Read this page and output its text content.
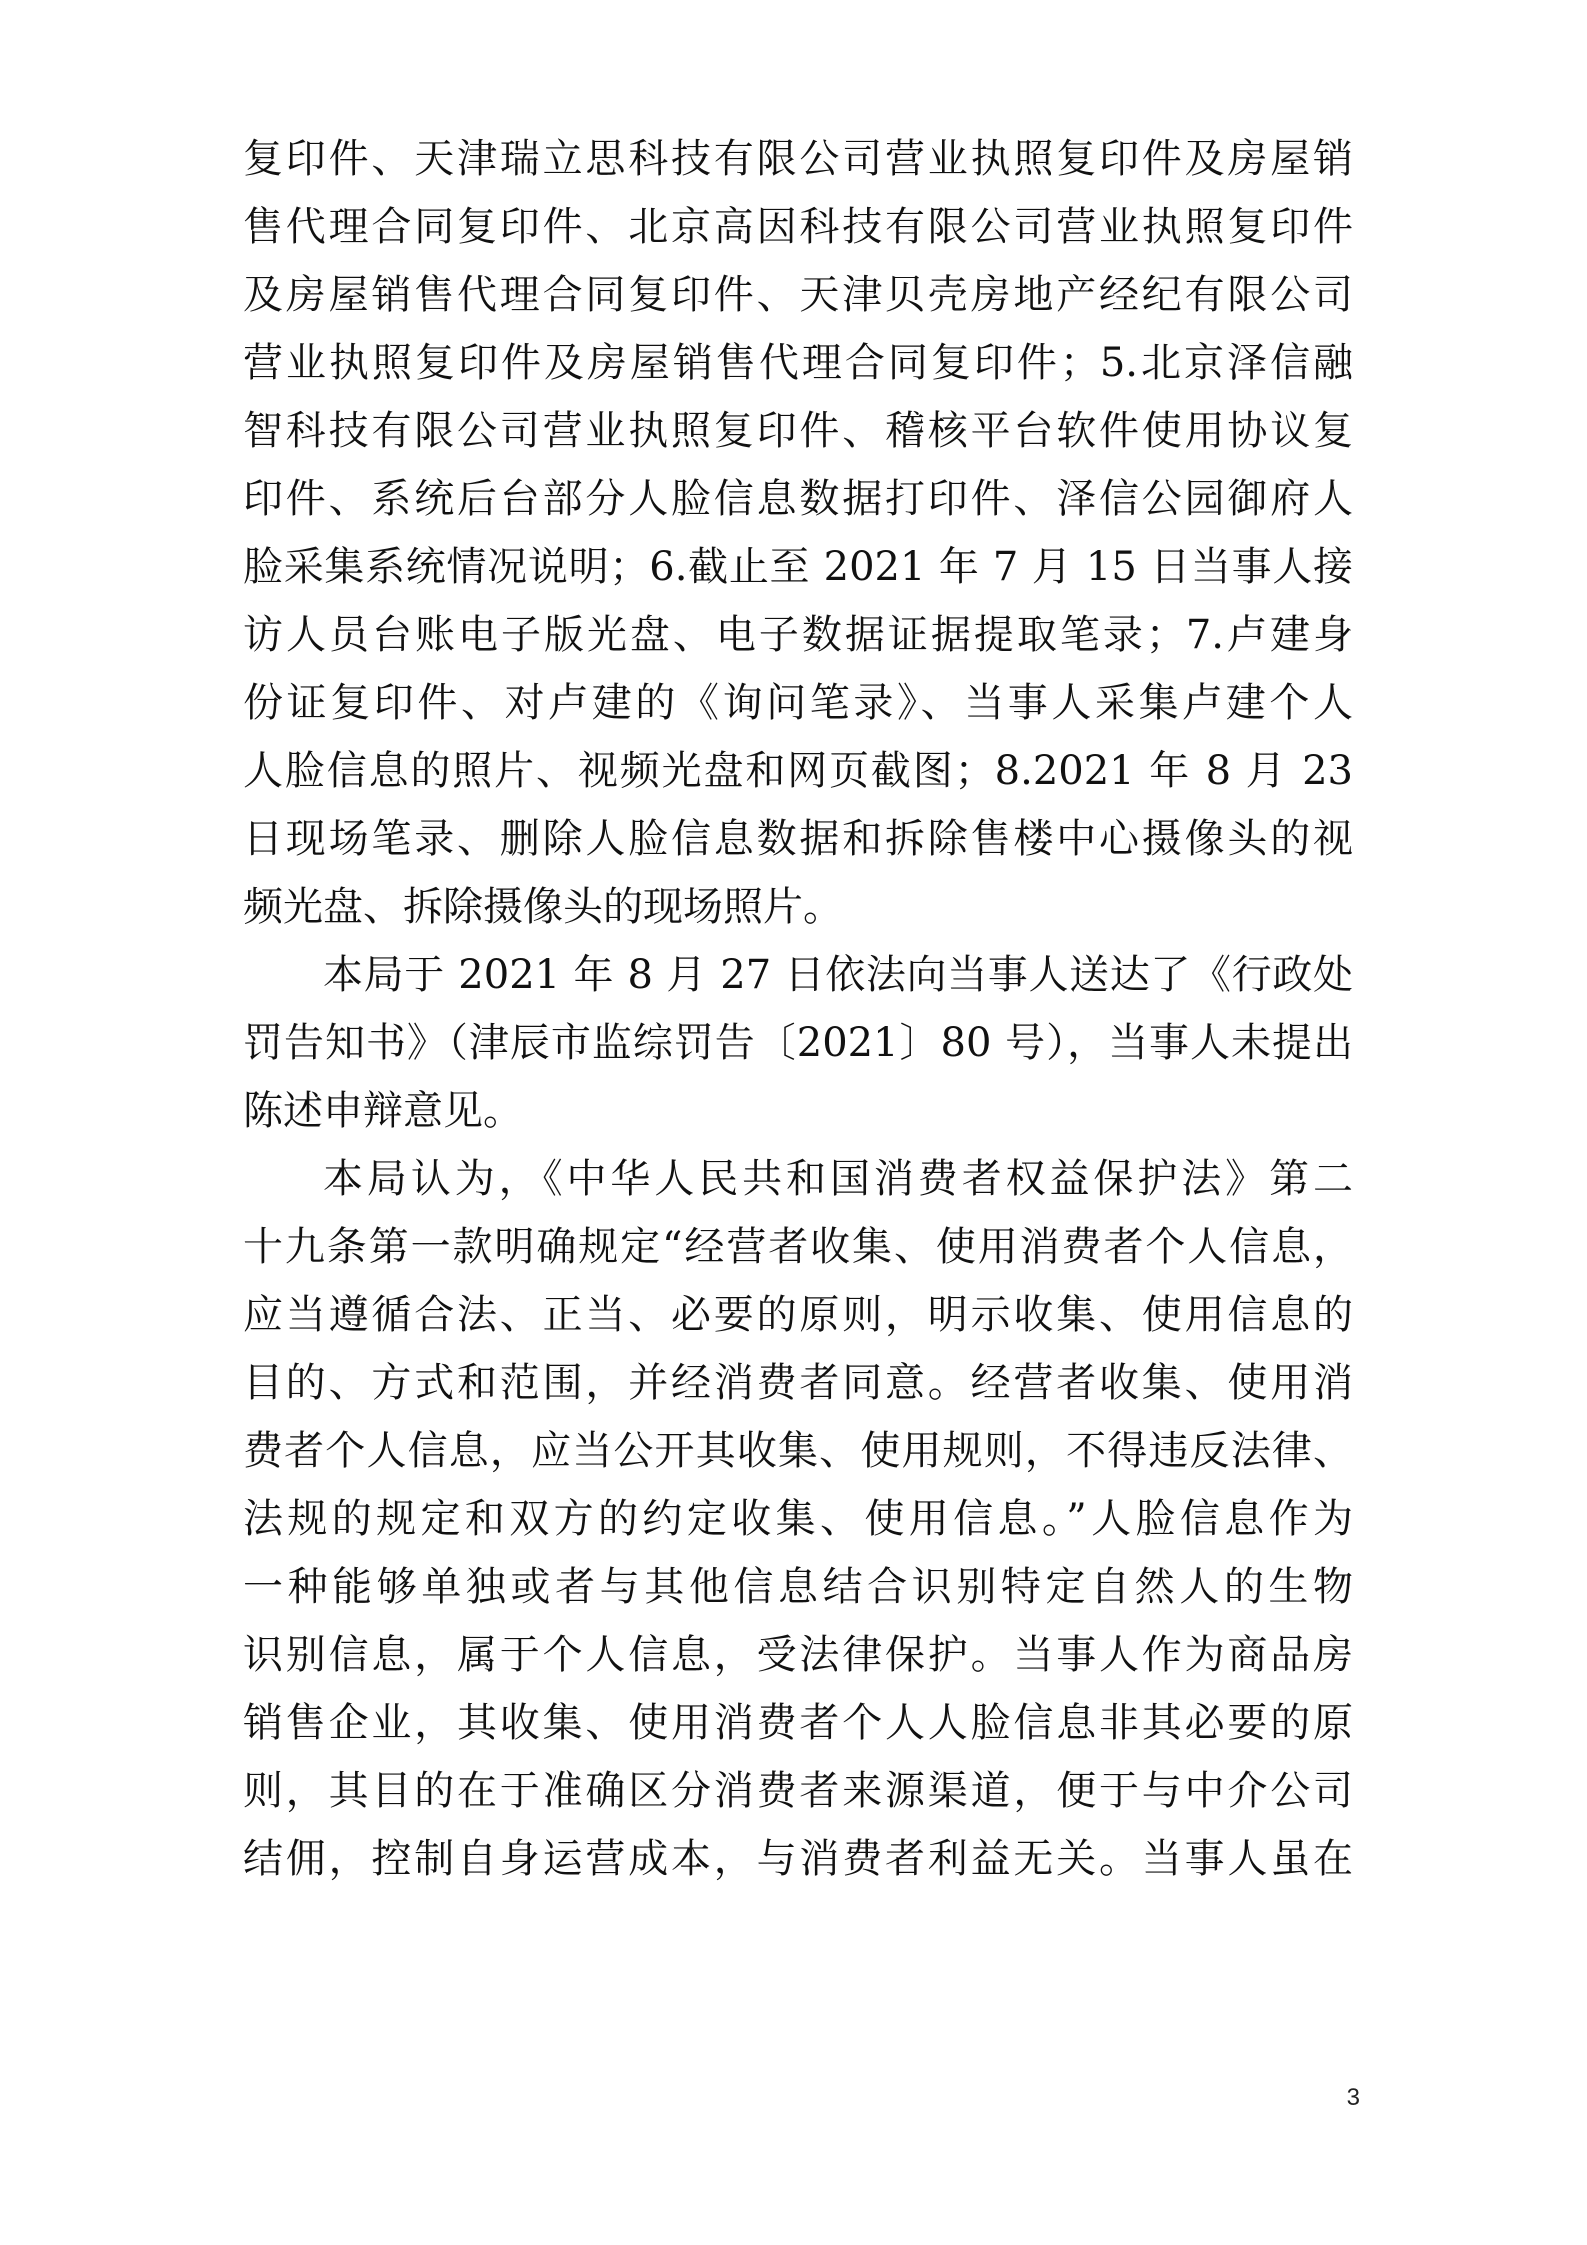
复印件、天津瑞立思科技有限公司营业执照复印件及房屋销
售代理合同复印件、北京高因科技有限公司营业执照复印件
及房屋销售代理合同复印件、天津贝壳房地产经纪有限公司
营业执照复印件及房屋销售代理合同复印件；5.北京泽信融
智科技有限公司营业执照复印件、稽核平台软件使用协议复
印件、系统后台部分人脸信息数据打印件、泽信公园御府人
脸采集系统情况说明；6.截止至 2021 年 7 月 15 日当事人接
访人员台账电子版光盘、电子数据证据提取笔录；7.卢建身
份证复印件、对卢建的《询问笔录》、当事人采集卢建个人
人脸信息的照片、视频光盘和网页截图；8.2021 年 8 月 23
日现场笔录、删除人脸信息数据和拆除售楼中心摄像头的视
频光盘、拆除摄像头的现场照片。
本局于 2021 年 8 月 27 日依法向当事人送达了《行政处
罚告知书》（津辰市监综罚告〔2021〕80 号），当事人未提出
陈述申辩意见。
本局认为，《中华人民共和国消费者权益保护法》第二
十九条第一款明确规定“经营者收集、使用消费者个人信息，
应当遵循合法、正当、必要的原则，明示收集、使用信息的
目的、方式和范围，并经消费者同意。经营者收集、使用消
费者个人信息，应当公开其收集、使用规则，不得违反法律、
法规的规定和双方的约定收集、使用信息。”人脸信息作为
一种能够单独或者与其他信息结合识别特定自然人的生物
识别信息，属于个人信息，受法律保护。当事人作为商品房
销售企业，其收集、使用消费者个人人脸信息非其必要的原
则，其目的在于准确区分消费者来源渠道，便于与中介公司
结佣，控制自身运营成本，与消费者利益无关。当事人虽在
3
